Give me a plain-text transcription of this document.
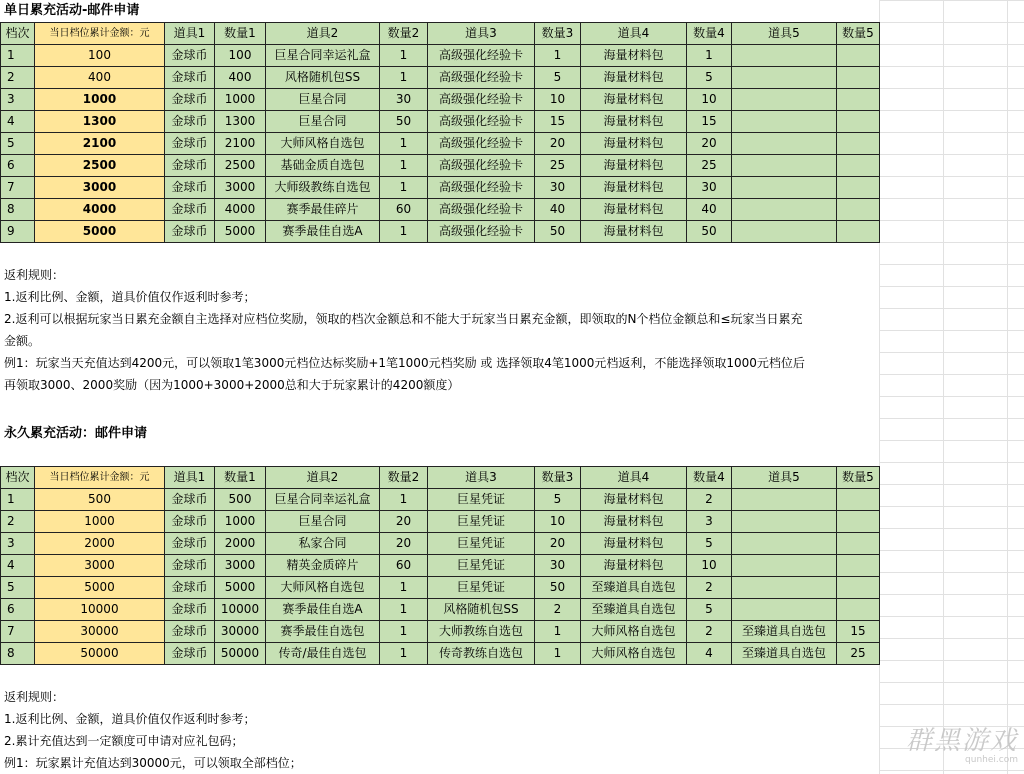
单日累充活动-邮件申请
档次	当日档位累计金额：元	道具1	数量1	道具2	数量2	道具3	数量3	道具4	数量4	道具5	数量5
1	100	金球币	100	巨星合同幸运礼盒	1	高级强化经验卡	1	海量材料包	1		
2	400	金球币	400	风格随机包SS	1	高级强化经验卡	5	海量材料包	5		
3	1000	金球币	1000	巨星合同	30	高级强化经验卡	10	海量材料包	10		
4	1300	金球币	1300	巨星合同	50	高级强化经验卡	15	海量材料包	15		
5	2100	金球币	2100	大师风格自选包	1	高级强化经验卡	20	海量材料包	20		
6	2500	金球币	2500	基础金质自选包	1	高级强化经验卡	25	海量材料包	25		
7	3000	金球币	3000	大师级教练自选包	1	高级强化经验卡	30	海量材料包	30		
8	4000	金球币	4000	赛季最佳碎片	60	高级强化经验卡	40	海量材料包	40		
9	5000	金球币	5000	赛季最佳自选A	1	高级强化经验卡	50	海量材料包	50		
返利规则：
1.返利比例、金额，道具价值仅作返利时参考；
2.返利可以根据玩家当日累充金额自主选择对应档位奖励，领取的档次金额总和不能大于玩家当日累充金额，即领取的N个档位金额总和≤玩家当日累充
金额。
例1：玩家当天充值达到4200元，可以领取1笔3000元档位达标奖励+1笔1000元档奖励 或 选择领取4笔1000元档返利，不能选择领取1000元档位后
再领取3000、2000奖励（因为1000+3000+2000总和大于玩家累计的4200额度）
永久累充活动：邮件申请
档次	当日档位累计金额：元	道具1	数量1	道具2	数量2	道具3	数量3	道具4	数量4	道具5	数量5
1	500	金球币	500	巨星合同幸运礼盒	1	巨星凭证	5	海量材料包	2		
2	1000	金球币	1000	巨星合同	20	巨星凭证	10	海量材料包	3		
3	2000	金球币	2000	私家合同	20	巨星凭证	20	海量材料包	5		
4	3000	金球币	3000	精英金质碎片	60	巨星凭证	30	海量材料包	10		
5	5000	金球币	5000	大师风格自选包	1	巨星凭证	50	至臻道具自选包	2		
6	10000	金球币	10000	赛季最佳自选A	1	风格随机包SS	2	至臻道具自选包	5		
7	30000	金球币	30000	赛季最佳自选包	1	大师教练自选包	1	大师风格自选包	2	至臻道具自选包	15
8	50000	金球币	50000	传奇/最佳自选包	1	传奇教练自选包	1	大师风格自选包	4	至臻道具自选包	25
返利规则：
1.返利比例、金额，道具价值仅作返利时参考；
2.累计充值达到一定额度可申请对应礼包码；
例1：玩家累计充值达到30000元，可以领取全部档位；
群黑游戏
qunhei.com
